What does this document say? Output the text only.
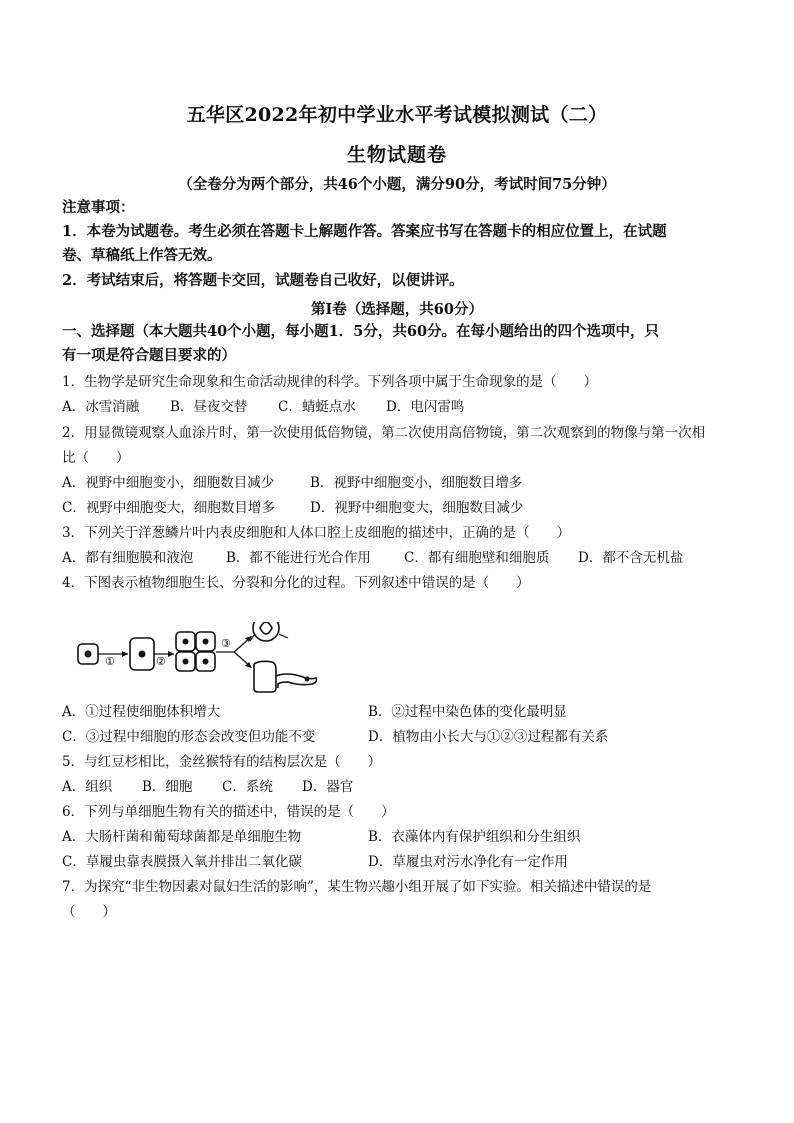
五华区2022年初中学业水平考试模拟测试（二）
生物试题卷
（全卷分为两个部分，共46个小题，满分90分，考试时间75分钟）
注意事项：
1．本卷为试题卷。考生必须在答题卡上解题作答。答案应书写在答题卡的相应位置上，在试题
卷、草稿纸上作答无效。
2．考试结束后，将答题卡交回，试题卷自己收好，以便讲评。
第Ⅰ卷（选择题，共60分）
一、选择题（本大题共40个小题，每小题1．5分，共60分。在每小题给出的四个选项中，只
有一项是符合题目要求的）
1．生物学是研究生命现象和生命活动规律的科学。下列各项中属于生命现象的是（　　）
A．冰雪消融 B．昼夜交替 C．蜻蜓点水 D．电闪雷鸣
2．用显微镜观察人血涂片时，第一次使用低倍物镜，第二次使用高倍物镜，第二次观察到的物像与第一次相
比（　　）
A．视野中细胞变小，细胞数目减少	B．视野中细胞变小，细胞数目增多
C．视野中细胞变大，细胞数目增多	D．视野中细胞变大，细胞数目减少
3．下列关于洋葱鳞片叶内表皮细胞和人体口腔上皮细胞的描述中，正确的是（　　）
A．都有细胞膜和液泡 B．都不能进行光合作用 C．都有细胞壁和细胞质 D．都不含无机盐
4．下图表示植物细胞生长、分裂和分化的过程。下列叙述中错误的是（　　）
①	②
③
A．①过程使细胞体积增大	B．②过程中染色体的变化最明显
C．③过程中细胞的形态会改变但功能不变	D．植物由小长大与①②③过程都有关系
5．与红豆杉相比，金丝猴特有的结构层次是（　　）
A．组织 B．细胞 C．系统 D．器官
6．下列与单细胞生物有关的描述中，错误的是（　　）
A．大肠杆菌和葡萄球菌都是单细胞生物	B．衣藻体内有保护组织和分生组织
C．草履虫靠表膜摄入氧并排出二氧化碳	D．草履虫对污水净化有一定作用
7．为探究“非生物因素对鼠妇生活的影响”，某生物兴趣小组开展了如下实验。相关描述中错误的是
（　　）
